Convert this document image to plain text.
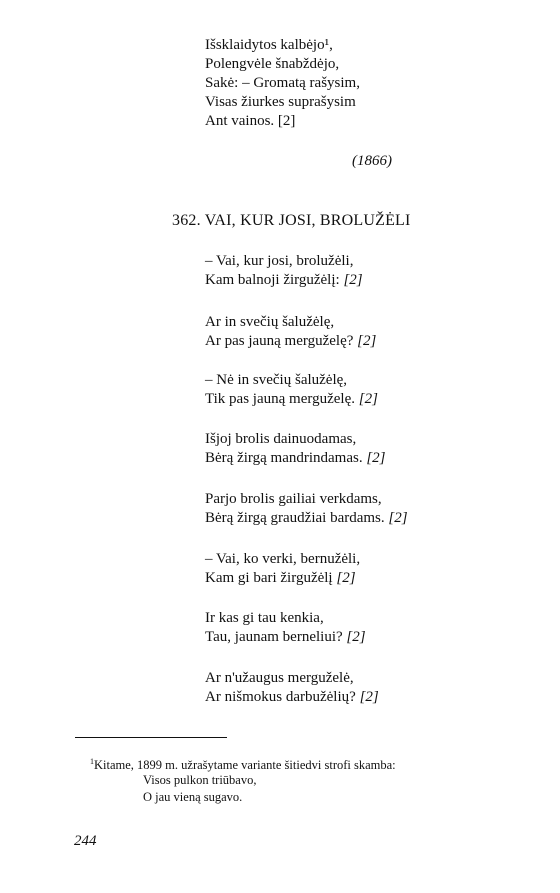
Išsklaidytos kalbėjo¹,
Polengvėle šnabždėjo,
Sakė: – Gromatą rašysim,
Visas žiurkes suprašysim
Ant vainos. [2]
(1866)
362. VAI, KUR JOSI, BROLUŽĖLI
– Vai, kur josi, brolužėli,
Kam balnoji žirgužėlį: [2]
Ar in svečių šalužėlę,
Ar pas jauną merguželę? [2]
– Nė in svečių šalužėlę,
Tik pas jauną merguželę. [2]
Išjoj brolis dainuodamas,
Bėrą žirgą mandrindamas. [2]
Parjo brolis gailiai verkdams,
Bėrą žirgą graudžiai bardams. [2]
– Vai, ko verki, bernužėli,
Kam gi bari žirgužėlį [2]
Ir kas gi tau kenkia,
Tau, jaunam berneliui? [2]
Ar n'užaugus merguželė,
Ar nišmokus darbužėlių? [2]
$^1$Kitame, 1899 m. užrašytame variante šitiedvi strofi skamba:
Visos pulkon triūbavo,
O jau vieną sugavo.
244
